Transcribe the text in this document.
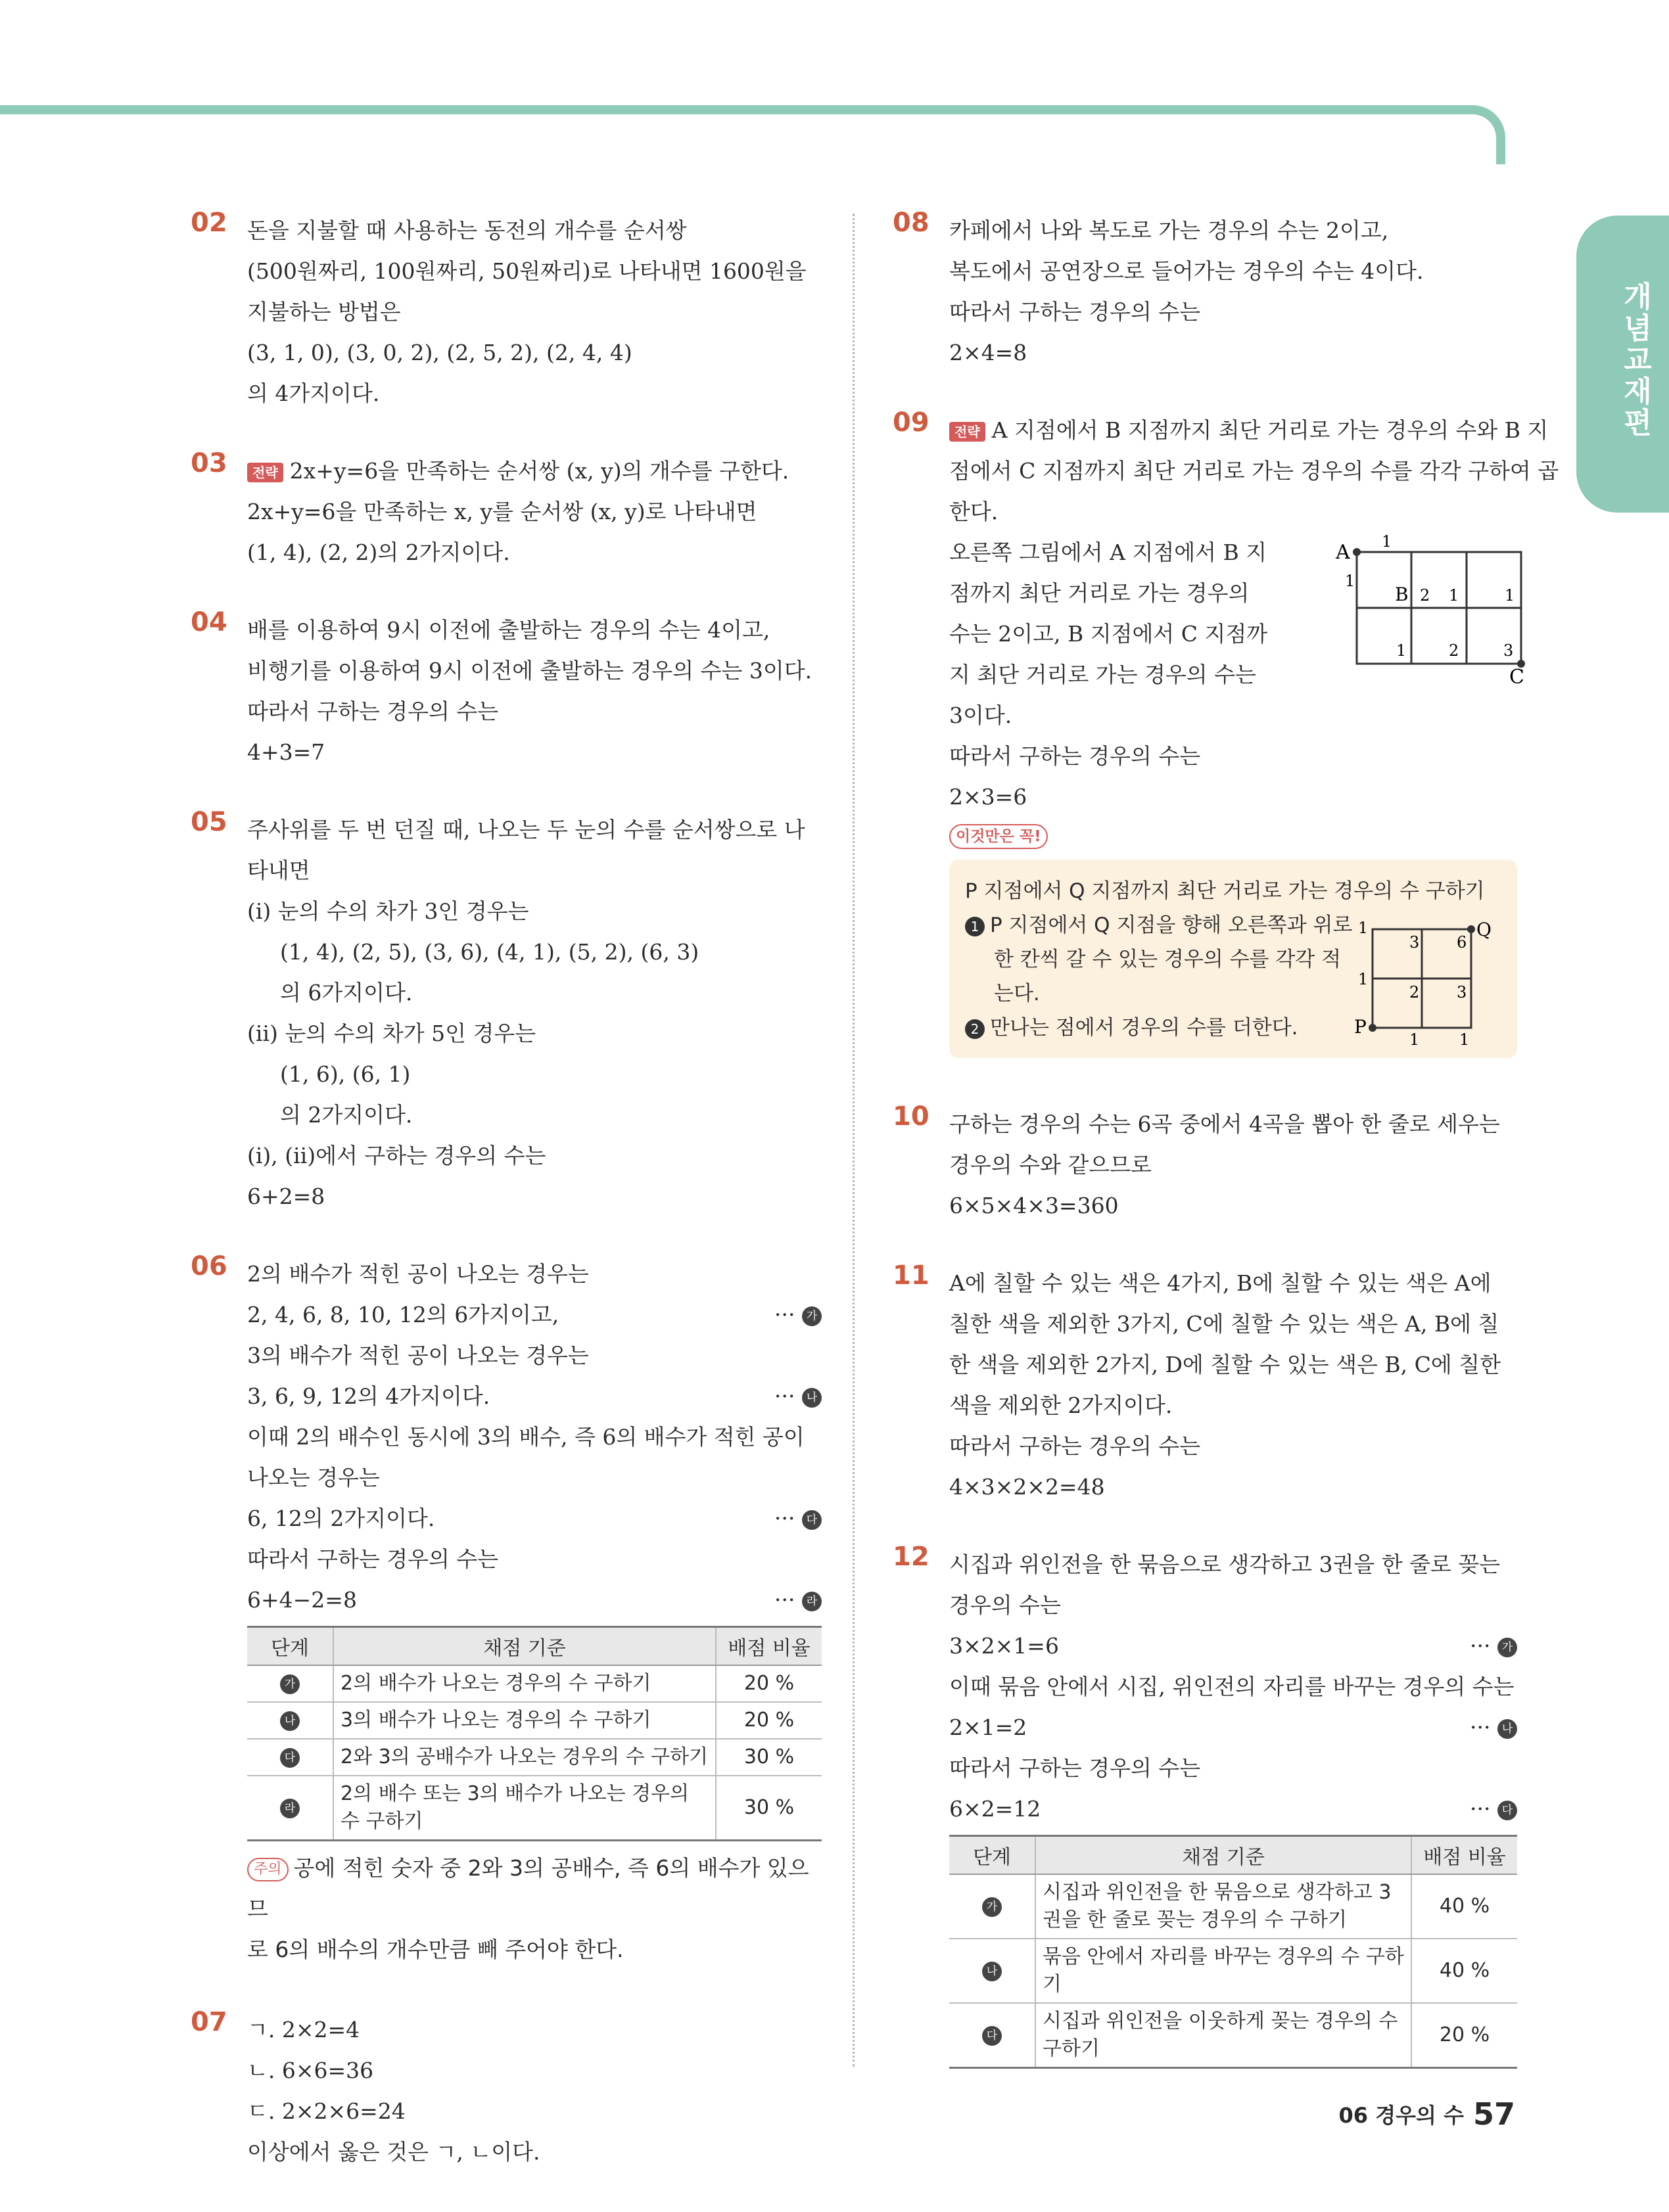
개념교재편
02 돈을 지불할 때 사용하는 동전의 개수를 순서쌍
(500원짜리, 100원짜리, 50원짜리)로 나타내면 1600원을
지불하는 방법은
(3, 1, 0), (3, 0, 2), (2, 5, 2), (2, 4, 4)
의 4가지이다.
03	전략 2x+y=6을 만족하는 순서쌍 (x, y)의 개수를 구한다.
2x+y=6을 만족하는 x, y를 순서쌍 (x, y)로 나타내면
(1, 4), (2, 2)의 2가지이다.
04 배를 이용하여 9시 이전에 출발하는 경우의 수는 4이고,
비행기를 이용하여 9시 이전에 출발하는 경우의 수는 3이다.
따라서 구하는 경우의 수는
4+3=7
05 주사위를 두 번 던질 때, 나오는 두 눈의 수를 순서쌍으로 나
타내면
(ⅰ) 눈의 수의 차가 3인 경우는
(1, 4), (2, 5), (3, 6), (4, 1), (5, 2), (6, 3)
의 6가지이다.
(ⅱ) 눈의 수의 차가 5인 경우는
(1, 6), (6, 1)
의 2가지이다.
(ⅰ), (ⅱ)에서 구하는 경우의 수는
6+2=8
06 2의 배수가 적힌 공이 나오는 경우는
2, 4, 6, 8, 10, 12의 6가지이고,	··· 가
3의 배수가 적힌 공이 나오는 경우는
3, 6, 9, 12의 4가지이다.	··· 나
이때 2의 배수인 동시에 3의 배수, 즉 6의 배수가 적힌 공이
나오는 경우는
6, 12의 2가지이다.	··· 다
따라서 구하는 경우의 수는
6+4−2=8	··· 라
단계	채점 기준	배점 비율
가	2의 배수가 나오는 경우의 수 구하기	20 %
나	3의 배수가 나오는 경우의 수 구하기	20 %
다	2와 3의 공배수가 나오는 경우의 수 구하기	30 %
라	2의 배수 또는 3의 배수가 나오는 경우의 수 구하기	30 %
주의 공에 적힌 숫자 중 2와 3의 공배수, 즉 6의 배수가 있으므
로 6의 배수의 개수만큼 빼 주어야 한다.
07 ㄱ. 2×2=4
ㄴ. 6×6=36
ㄷ. 2×2×6=24
이상에서 옳은 것은 ㄱ, ㄴ이다.
08 카페에서 나와 복도로 가는 경우의 수는 2이고,
복도에서 공연장으로 들어가는 경우의 수는 4이다.
따라서 구하는 경우의 수는
2×4=8
09	전략 A 지점에서 B 지점까지 최단 거리로 가는 경우의 수와 B 지
점에서 C 지점까지 최단 거리로 가는 경우의 수를 각각 구하여 곱
한다.
오른쪽 그림에서 A 지점에서 B 지
점까지 최단 거리로 가는 경우의
수는 2이고, B 지점에서 C 지점까
지 최단 거리로 가는 경우의 수는
3이다.
A
C
B
1
1
2 1	1
1	2	3
따라서 구하는 경우의 수는
2×3=6
이것만은 꼭!
P 지점에서 Q 지점까지 최단 거리로 가는 경우의 수 구하기
1 P 지점에서 Q 지점을 향해 오른쪽과 위로
한 칸씩 갈 수 있는 경우의 수를 각각 적
는다.
2 만나는 점에서 경우의 수를 더한다.	P
Q
1
3 6
1
2 3
1	1
10 구하는 경우의 수는 6곡 중에서 4곡을 뽑아 한 줄로 세우는
경우의 수와 같으므로
6×5×4×3=360
11 A에 칠할 수 있는 색은 4가지, B에 칠할 수 있는 색은 A에
칠한 색을 제외한 3가지, C에 칠할 수 있는 색은 A, B에 칠
한 색을 제외한 2가지, D에 칠할 수 있는 색은 B, C에 칠한
색을 제외한 2가지이다.
따라서 구하는 경우의 수는
4×3×2×2=48
12 시집과 위인전을 한 묶음으로 생각하고 3권을 한 줄로 꽂는
경우의 수는
3×2×1=6	··· 가
이때 묶음 안에서 시집, 위인전의 자리를 바꾸는 경우의 수는
2×1=2	··· 나
따라서 구하는 경우의 수는
6×2=12	··· 다
단계	채점 기준	배점 비율
가	시집과 위인전을 한 묶음으로 생각하고 3권을 한 줄로 꽂는 경우의 수 구하기	40 %
나	묶음 안에서 자리를 바꾸는 경우의 수 구하기	40 %
다	시집과 위인전을 이웃하게 꽂는 경우의 수 구하기	20 %
06 경우의 수 57
